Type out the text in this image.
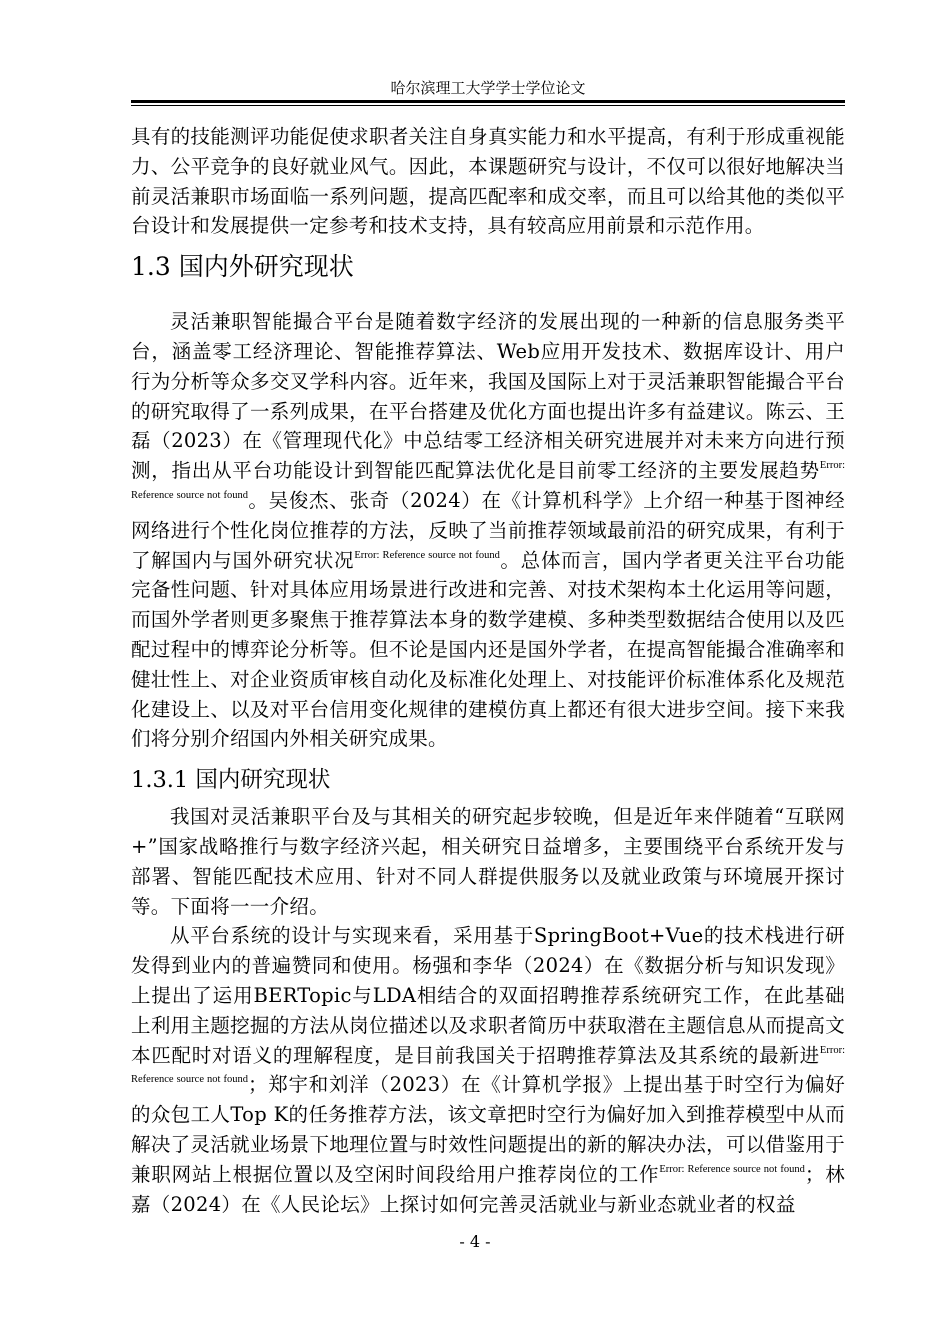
哈尔滨理工大学学士学位论文

具有的技能测评功能促使求职者关注自身真实能力和水平提高，有利于形成重视能力、公平竞争的良好就业风气。因此，本课题研究与设计，不仅可以很好地解决当前灵活兼职市场面临一系列问题，提高匹配率和成交率，而且可以给其他的类似平台设计和发展提供一定参考和技术支持，具有较高应用前景和示范作用。

1.3 国内外研究现状

灵活兼职智能撮合平台是随着数字经济的发展出现的一种新的信息服务类平台，涵盖零工经济理论、智能推荐算法、Web应用开发技术、数据库设计、用户行为分析等众多交叉学科内容。近年来，我国及国际上对于灵活兼职智能撮合平台的研究取得了一系列成果，在平台搭建及优化方面也提出许多有益建议。陈云、王磊（2023）在《管理现代化》中总结零工经济相关研究进展并对未来方向进行预测，指出从平台功能设计到智能匹配算法优化是目前零工经济的主要发展趋势$^{Error: Reference source not found}$。吴俊杰、张奇（2024）在《计算机科学》上介绍一种基于图神经网络进行个性化岗位推荐的方法，反映了当前推荐领域最前沿的研究成果，有利于了解国内与国外研究状况$^{Error: Reference source not found}$。总体而言，国内学者更关注平台功能完备性问题、针对具体应用场景进行改进和完善、对技术架构本土化运用等问题，而国外学者则更多聚焦于推荐算法本身的数学建模、多种类型数据结合使用以及匹配过程中的博弈论分析等。但不论是国内还是国外学者，在提高智能撮合准确率和健壮性上、对企业资质审核自动化及标准化处理上、对技能评价标准体系化及规范化建设上、以及对平台信用变化规律的建模仿真上都还有很大进步空间。接下来我们将分别介绍国内外相关研究成果。

1.3.1 国内研究现状

我国对灵活兼职平台及与其相关的研究起步较晚，但是近年来伴随着“互联网+”国家战略推行与数字经济兴起，相关研究日益增多，主要围绕平台系统开发与部署、智能匹配技术应用、针对不同人群提供服务以及就业政策与环境展开探讨等。下面将一一介绍。

从平台系统的设计与实现来看，采用基于SpringBoot+Vue的技术栈进行研发得到业内的普遍赞同和使用。杨强和李华（2024）在《数据分析与知识发现》上提出了运用BERTopic与LDA相结合的双面招聘推荐系统研究工作，在此基础上利用主题挖掘的方法从岗位描述以及求职者简历中获取潜在主题信息从而提高文本匹配时对语义的理解程度，是目前我国关于招聘推荐算法及其系统的最新进$^{Error: Reference source not found}$；郑宇和刘洋（2023）在《计算机学报》上提出基于时空行为偏好的众包工人Top K的任务推荐方法，该文章把时空行为偏好加入到推荐模型中从而解决了灵活就业场景下地理位置与时效性问题提出的新的解决办法，可以借鉴用于兼职网站上根据位置以及空闲时间段给用户推荐岗位的工作$^{Error: Reference source not found}$；林嘉（2024）在《人民论坛》上探讨如何完善灵活就业与新业态就业者的权益

- 4 -
